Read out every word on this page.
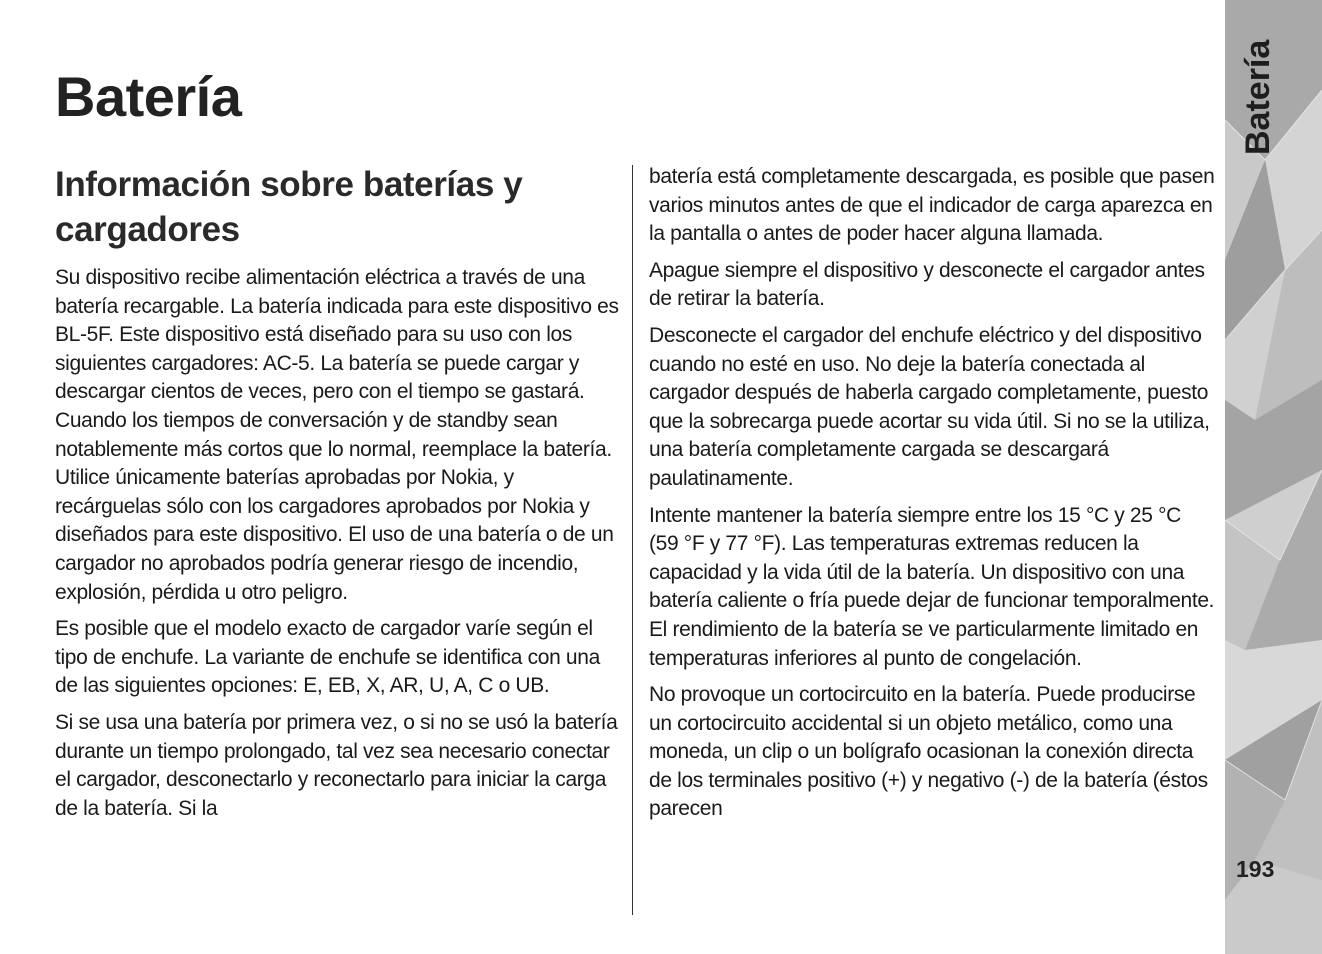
Batería
Información sobre baterías y cargadores

Su dispositivo recibe alimentación eléctrica a través de una batería recargable. La batería indicada para este dispositivo es BL-5F. Este dispositivo está diseñado para su uso con los siguientes cargadores: AC-5. La batería se puede cargar y descargar cientos de veces, pero con el tiempo se gastará. Cuando los tiempos de conversación y de standby sean notablemente más cortos que lo normal, reemplace la batería. Utilice únicamente baterías aprobadas por Nokia, y recárguelas sólo con los cargadores aprobados por Nokia y diseñados para este dispositivo. El uso de una batería o de un cargador no aprobados podría generar riesgo de incendio, explosión, pérdida u otro peligro.

Es posible que el modelo exacto de cargador varíe según el tipo de enchufe. La variante de enchufe se identifica con una de las siguientes opciones: E, EB, X, AR, U, A, C o UB.

Si se usa una batería por primera vez, o si no se usó la batería durante un tiempo prolongado, tal vez sea necesario conectar el cargador, desconectarlo y reconectarlo para iniciar la carga de la batería. Si la

batería está completamente descargada, es posible que pasen varios minutos antes de que el indicador de carga aparezca en la pantalla o antes de poder hacer alguna llamada.

Apague siempre el dispositivo y desconecte el cargador antes de retirar la batería.

Desconecte el cargador del enchufe eléctrico y del dispositivo cuando no esté en uso. No deje la batería conectada al cargador después de haberla cargado completamente, puesto que la sobrecarga puede acortar su vida útil. Si no se la utiliza, una batería completamente cargada se descargará paulatinamente.

Intente mantener la batería siempre entre los 15 °C y 25 °C (59 °F y 77 °F). Las temperaturas extremas reducen la capacidad y la vida útil de la batería. Un dispositivo con una batería caliente o fría puede dejar de funcionar temporalmente. El rendimiento de la batería se ve particularmente limitado en temperaturas inferiores al punto de congelación.

No provoque un cortocircuito en la batería. Puede producirse un cortocircuito accidental si un objeto metálico, como una moneda, un clip o un bolígrafo ocasionan la conexión directa de los terminales positivo (+) y negativo (-) de la batería (éstos parecen

Batería
193
